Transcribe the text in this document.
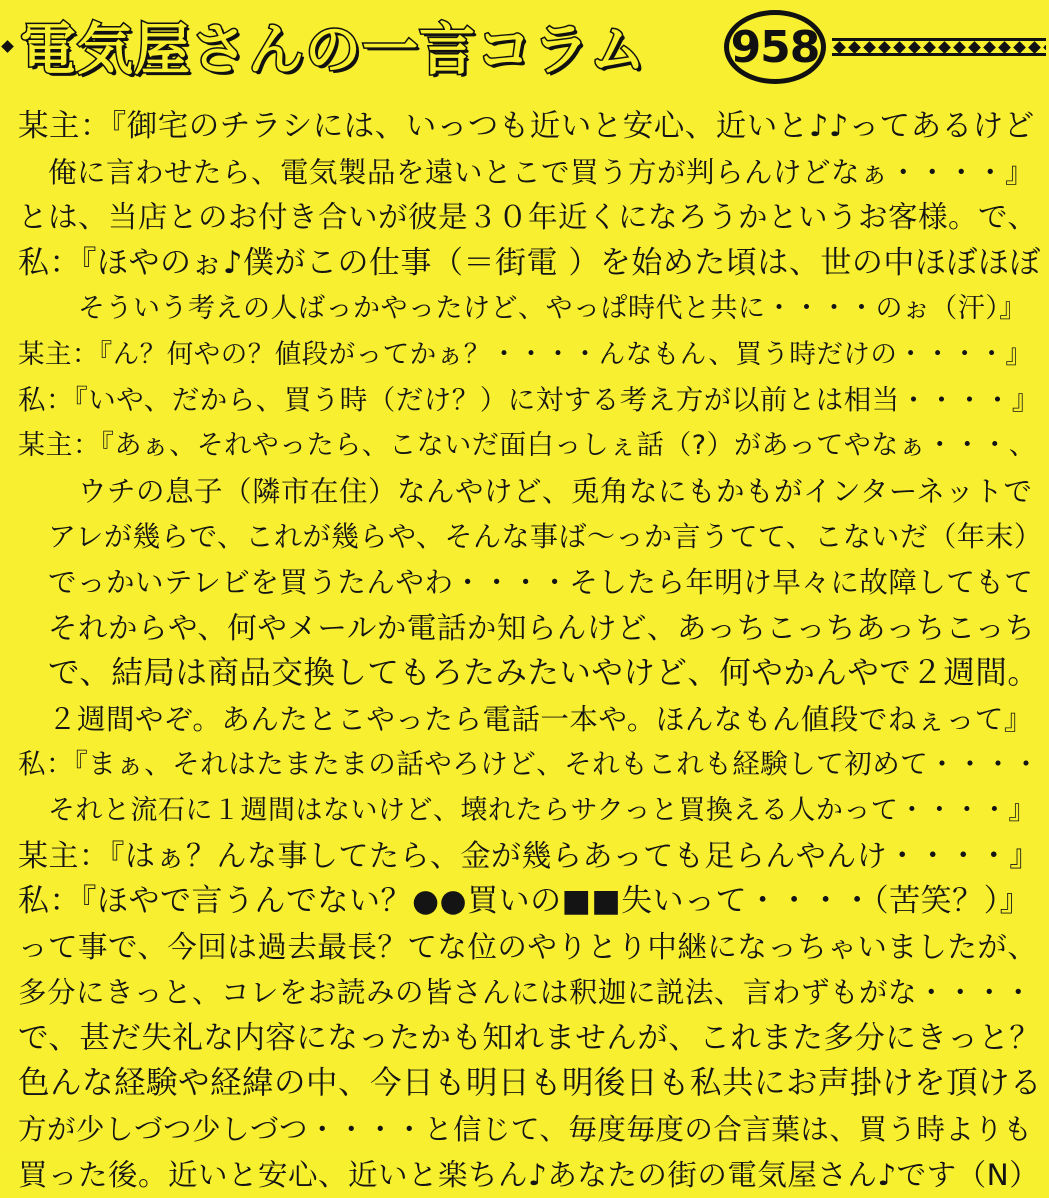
電気屋さんの一言コラム 958
某主：『御宅のチラシには、いっつも近いと安心、近いと♪♪ってあるけど
俺に言わせたら、電気製品を遠いとこで買う方が判らんけどなぁ・・・・』
とは、当店とのお付き合いが彼是３０年近くになろうかというお客様。で、
私：『ほやのぉ♪僕がこの仕事（＝街電 ）を始めた頃は、世の中ほぼほぼ
そういう考えの人ばっかやったけど、やっぱ時代と共に・・・・のぉ（汗）』
某主：『ん？何やの？値段がってかぁ？・・・・んなもん、買う時だけの・・・・』
私：『いや、だから、買う時（だけ？）に対する考え方が以前とは相当・・・・』
某主：『あぁ、それやったら、こないだ面白っしぇ話（?）があってやなぁ・・・、
ウチの息子（隣市在住）なんやけど、兎角なにもかもがインターネットで
アレが幾らで、これが幾らや、そんな事ば～っか言うてて、こないだ（年末）
でっかいテレビを買うたんやわ・・・・そしたら年明け早々に故障してもて
それからや、何やメールか電話か知らんけど、あっちこっちあっちこっち
で、結局は商品交換してもろたみたいやけど、何やかんやで２週間。
２週間やぞ。あんたとこやったら電話一本や。ほんなもん値段でねぇって』
私：『まぁ、それはたまたまの話やろけど、それもこれも経験して初めて・・・・
それと流石に１週間はないけど、壊れたらサクっと買換える人かって・・・・』
某主：『はぁ？んな事してたら、金が幾らあっても足らんやんけ・・・・』
私：『ほやで言うんでない？●●買いの■■失いって・・・・（苦笑？）』
って事で、今回は過去最長？てな位のやりとり中継になっちゃいましたが、
多分にきっと、コレをお読みの皆さんには釈迦に説法、言わずもがな・・・・
で、甚だ失礼な内容になったかも知れませんが、これまた多分にきっと？
色んな経験や経緯の中、今日も明日も明後日も私共にお声掛けを頂ける
方が少しづつ少しづつ・・・・と信じて、毎度毎度の合言葉は、買う時よりも
買った後。近いと安心、近いと楽ちん♪あなたの街の電気屋さん♪です（N）
